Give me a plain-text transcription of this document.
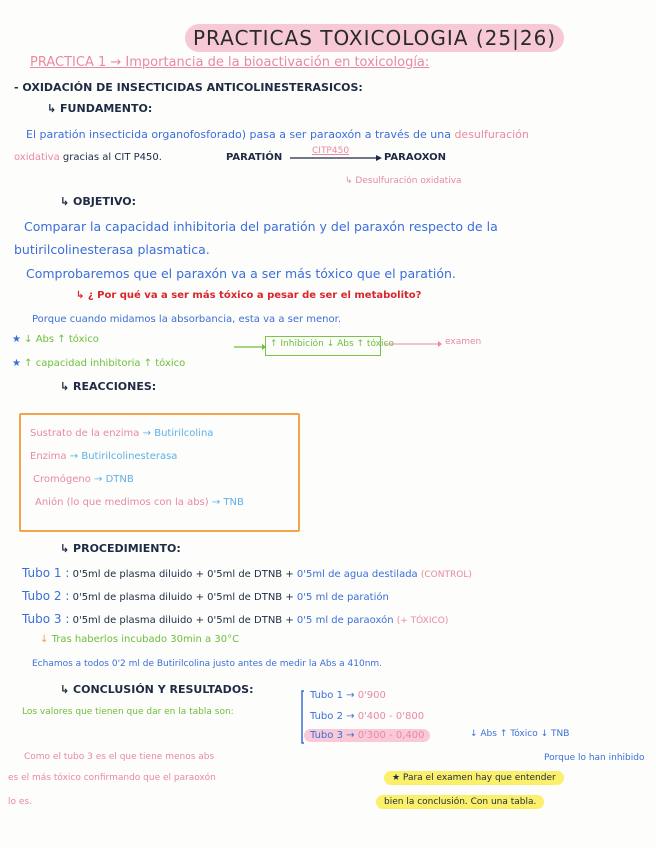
PRACTICAS TOXICOLOGIA (25|26)
PRACTICA 1 → Importancia de la bioactivación en toxicología:
- OXIDACIÓN DE INSECTICIDAS ANTICOLINESTERASICOS:
↳ FUNDAMENTO:
El paratión insecticida organofosforado) pasa a ser paraoxón a través de una desulfuración
oxidativa gracias al CIT P450.	PARATIÓN
CITP450
PARAOXON
↳ Desulfuración oxidativa
↳ OBJETIVO:
Comparar la capacidad inhibitoria del paratión y del paraxón respecto de la
butirilcolinesterasa plasmatica.
Comprobaremos que el paraxón va a ser más tóxico que el paratión.
↳ ¿ Por qué va a ser más tóxico a pesar de ser el metabolito?
Porque cuando midamos la absorbancia, esta va a ser menor.
★ ↓ Abs ↑ tóxico
★ ↑ capacidad inhibitoria ↑ tóxico
↑ Inhibición ↓ Abs ↑ tóxico	examen
↳ REACCIONES:
Sustrato de la enzima → Butirilcolina
Enzima → Butirilcolinesterasa
Cromógeno → DTNB
Anión (lo que medimos con la abs) → TNB
↳ PROCEDIMIENTO:
Tubo 1 : 0'5ml de plasma diluido + 0'5ml de DTNB + 0'5ml de agua destilada (CONTROL)
Tubo 2 : 0'5ml de plasma diluido + 0'5ml de DTNB + 0'5 ml de paratión
Tubo 3 : 0'5ml de plasma diluido + 0'5ml de DTNB + 0'5 ml de paraoxón (+ TÓXICO)
↓ Tras haberlos incubado 30min a 30°C
Echamos a todos 0'2 ml de Butirilcolina justo antes de medir la Abs a 410nm.
↳ CONCLUSIÓN Y RESULTADOS:
Los valores que tienen que dar en la tabla son:
Tubo 1 → 0'900
Tubo 2 → 0'400 - 0'800
Tubo 3 → 0'300 - 0,400	↓ Abs ↑ Tóxico ↓ TNB
Porque lo han inhibido
Como el tubo 3 es el que tiene menos abs
es el más tóxico confirmando que el paraoxón
lo es.
★ Para el examen hay que entender
bien la conclusión. Con una tabla.
